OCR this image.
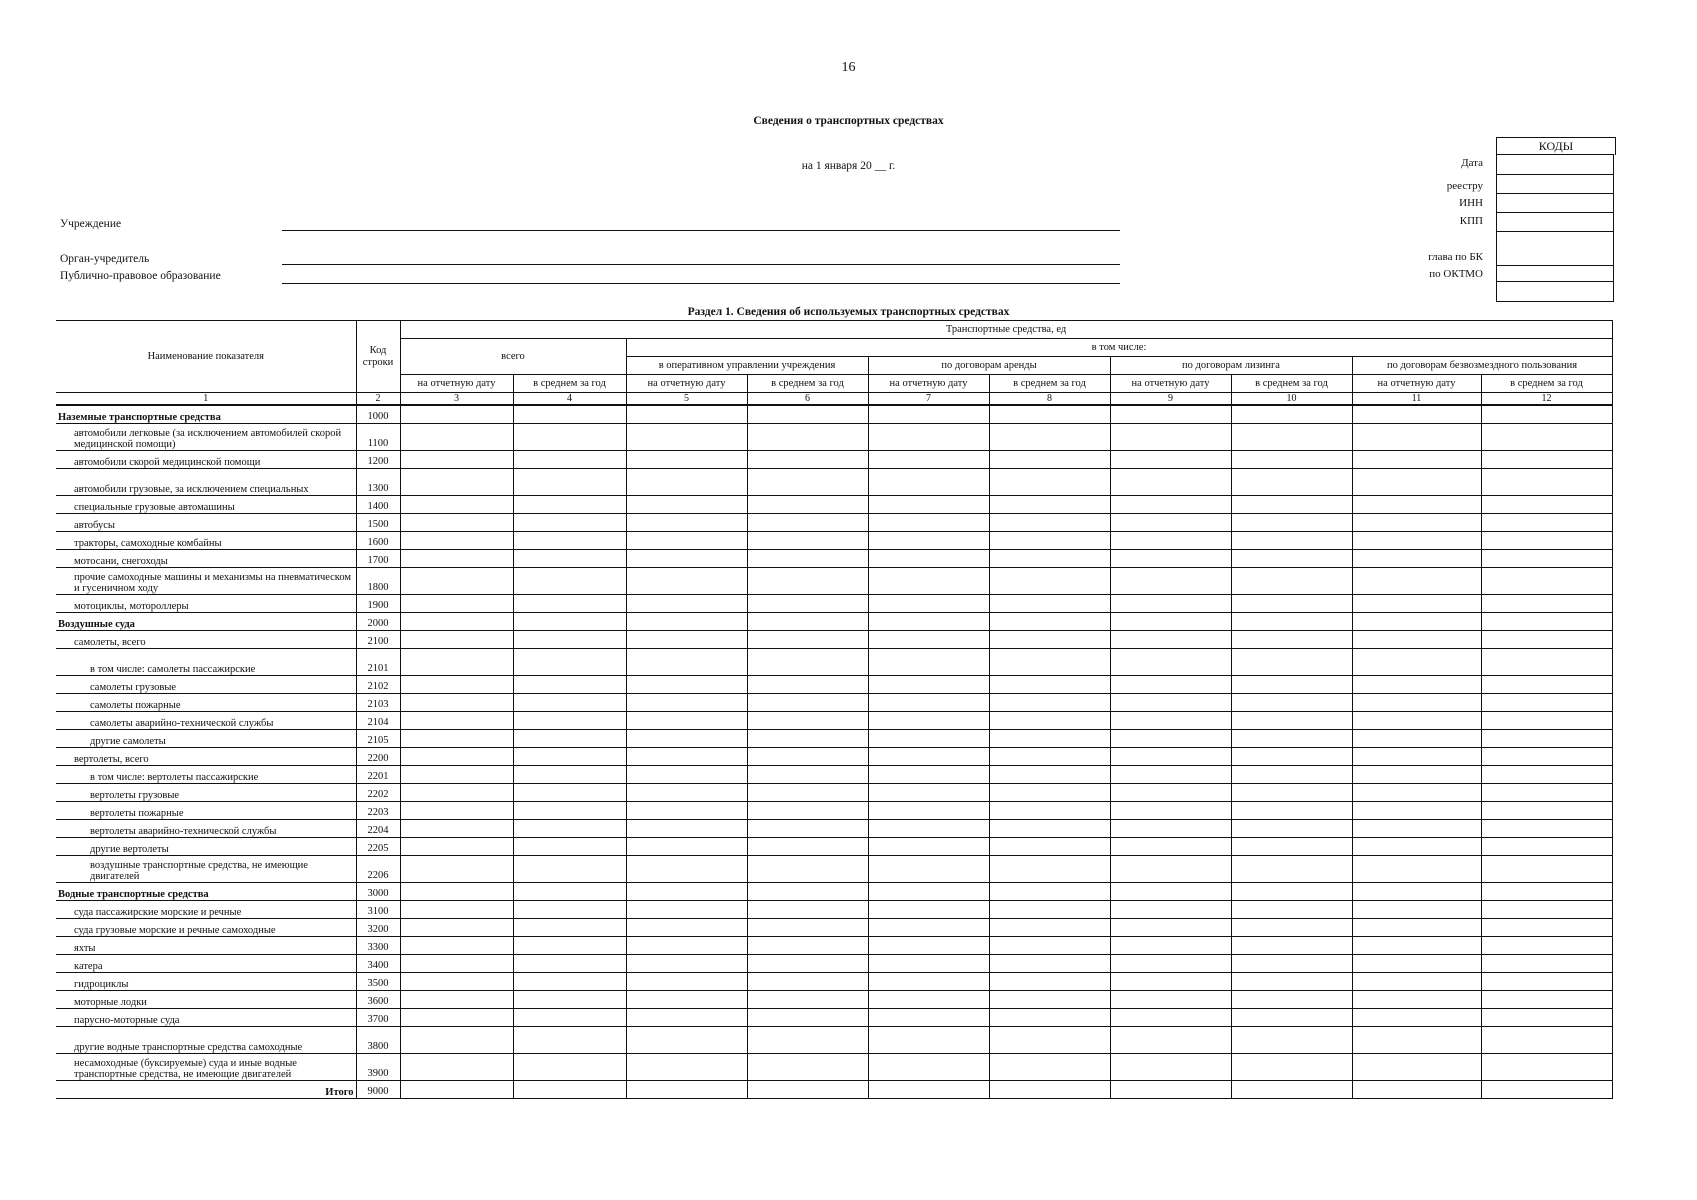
16
Сведения о транспортных средствах
на 1 января 20 __ г.
Учреждение
Орган-учредитель
Публично-правовое образование
КОДЫ
Дата
реестру
ИНН
КПП
глава по БК
по ОКТМО
Раздел 1. Сведения об используемых транспортных средствах
Наименование показателя	Код строки	Транспортные средства, ед									
		всего		в том числе:							
				в оперативном управлении учреждения		по договорам аренды		по договорам лизинга		по договорам безвозмездного пользования	
		на отчетную дату	в среднем за год	на отчетную дату	в среднем за год	на отчетную дату	в среднем за год	на отчетную дату	в среднем за год	на отчетную дату	в среднем за год
1	2	3	4	5	6	7	8	9	10	11	12
Наземные транспортные средства	1000										
автомобили легковые (за исключением автомобилей скорой медицинской помощи)	1100										
автомобили скорой медицинской помощи	1200										
автомобили грузовые, за исключением специальных	1300										
специальные грузовые автомашины	1400										
автобусы	1500										
тракторы, самоходные комбайны	1600										
мотосани, снегоходы	1700										
прочие самоходные машины и механизмы на пневматическом и гусеничном ходу	1800										
мотоциклы, мотороллеры	1900										
Воздушные суда	2000										
самолеты, всего	2100										
в том числе: самолеты пассажирские	2101										
самолеты грузовые	2102										
самолеты пожарные	2103										
самолеты аварийно-технической службы	2104										
другие самолеты	2105										
вертолеты, всего	2200										
в том числе: вертолеты пассажирские	2201										
вертолеты грузовые	2202										
вертолеты пожарные	2203										
вертолеты аварийно-технической службы	2204										
другие вертолеты	2205										
воздушные транспортные средства, не имеющие двигателей	2206										
Водные транспортные средства	3000										
суда пассажирские морские и речные	3100										
суда грузовые морские и речные самоходные	3200										
яхты	3300										
катера	3400										
гидроциклы	3500										
моторные лодки	3600										
парусно-моторные суда	3700										
другие водные транспортные средства самоходные	3800										
несамоходные (буксируемые) суда и иные водные транспортные средства, не имеющие двигателей	3900										
Итого	9000										
